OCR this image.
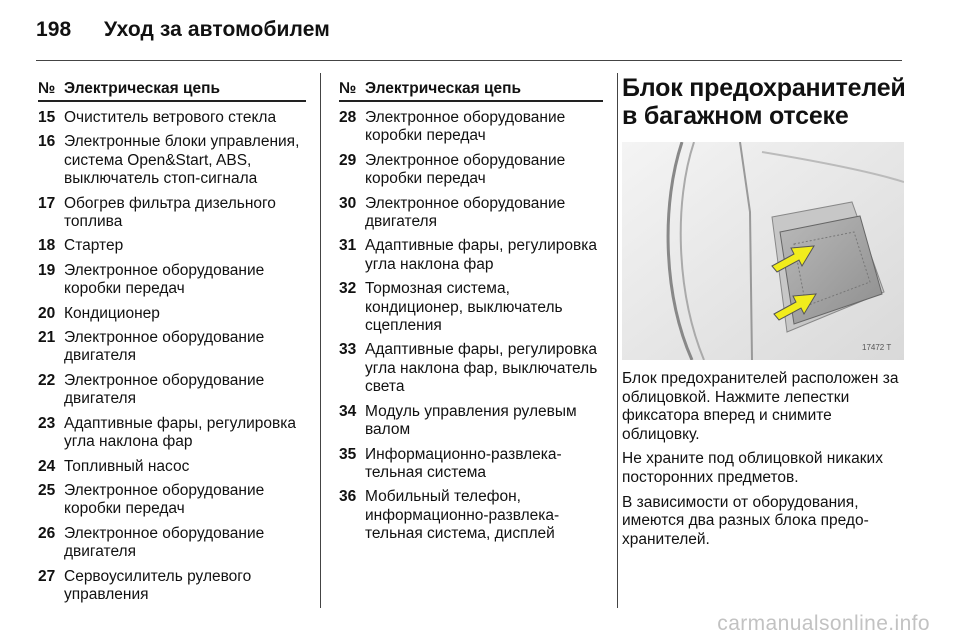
198 Уход за автомобилем
№ Электрическая цепь
15 Очиститель ветрового стекла
16 Электронные блоки управления, система Open&Start, ABS, выключатель стоп-сигнала
17 Обогрев фильтра дизельного топлива
18 Стартер
19 Электронное оборудование коробки передач
20 Кондиционер
21 Электронное оборудование двигателя
22 Электронное оборудование двигателя
23 Адаптивные фары, регулировка угла наклона фар
24 Топливный насос
25 Электронное оборудование коробки передач
26 Электронное оборудование двигателя
27 Сервоусилитель рулевого управления
№ Электрическая цепь
28 Электронное оборудование коробки передач
29 Электронное оборудование коробки передач
30 Электронное оборудование двигателя
31 Адаптивные фары, регулировка угла наклона фар
32 Тормозная система, кондиционер, выключатель сцепления
33 Адаптивные фары, регулировка угла наклона фар, выключатель света
34 Модуль управления рулевым валом
35 Информационно-развлекательная система
36 Мобильный телефон, информационно-развлекательная система, дисплей
Блок предохранителей в багажном отсеке
17472 T
Блок предохранителей расположен за облицовкой. Нажмите лепестки фиксатора вперед и снимите облицовку.
Не храните под облицовкой никаких посторонних предметов.
В зависимости от оборудования, имеются два разных блока предохранителей.
carmanualsonline.info
